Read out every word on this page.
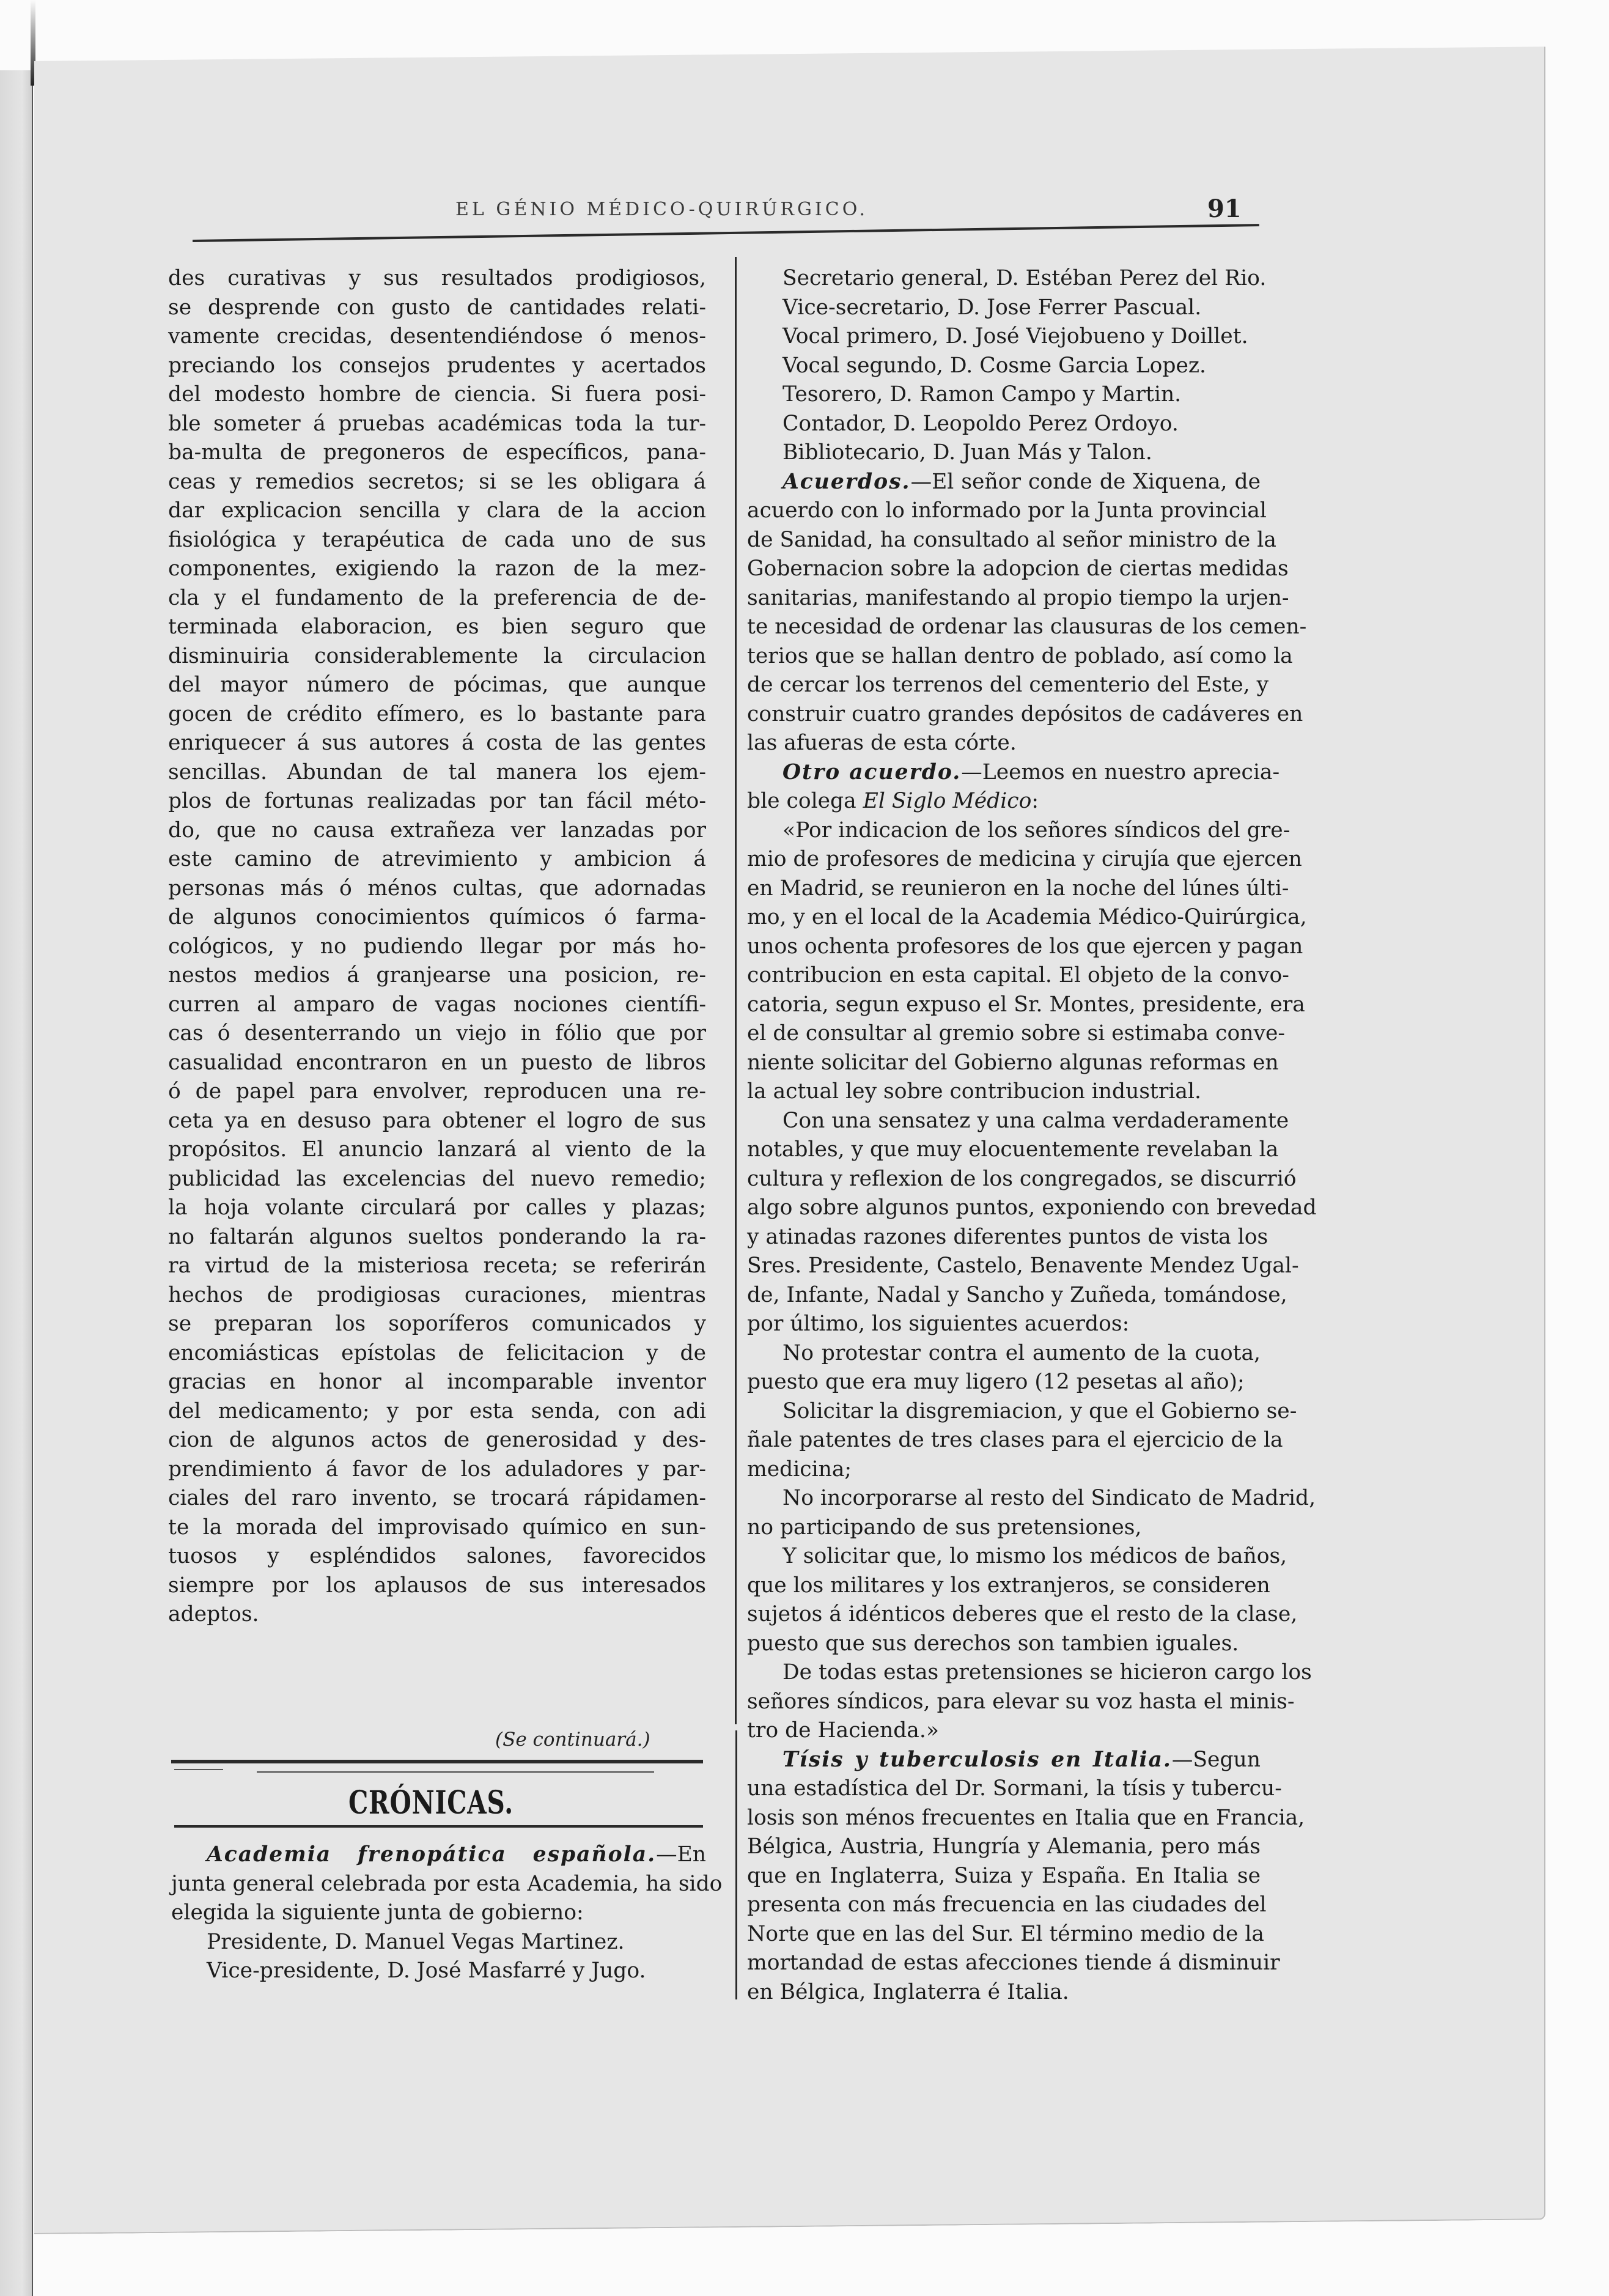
EL GÉNIO MÉDICO-QUIRÚRGICO.	91
des curativas y sus resultados prodigiosos,
se desprende con gusto de cantidades relati-
vamente crecidas, desentendiéndose ó menos-
preciando los consejos prudentes y acertados
del modesto hombre de ciencia. Si fuera posi-
ble someter á pruebas académicas toda la tur-
ba-multa de pregoneros de específicos, pana-
ceas y remedios secretos; si se les obligara á
dar explicacion sencilla y clara de la accion
fisiológica y terapéutica de cada uno de sus
componentes, exigiendo la razon de la mez-
cla y el fundamento de la preferencia de de-
terminada elaboracion, es bien seguro que
disminuiria considerablemente la circulacion
del mayor número de pócimas, que aunque
gocen de crédito efímero, es lo bastante para
enriquecer á sus autores á costa de las gentes
sencillas. Abundan de tal manera los ejem-
plos de fortunas realizadas por tan fácil méto-
do, que no causa extrañeza ver lanzadas por
este camino de atrevimiento y ambicion á
personas más ó ménos cultas, que adornadas
de algunos conocimientos químicos ó farma-
cológicos, y no pudiendo llegar por más ho-
nestos medios á granjearse una posicion, re-
curren al amparo de vagas nociones científi-
cas ó desenterrando un viejo in fólio que por
casualidad encontraron en un puesto de libros
ó de papel para envolver, reproducen una re-
ceta ya en desuso para obtener el logro de sus
propósitos. El anuncio lanzará al viento de la
publicidad las excelencias del nuevo remedio;
la hoja volante circulará por calles y plazas;
no faltarán algunos sueltos ponderando la ra-
ra virtud de la misteriosa receta; se referirán
hechos de prodigiosas curaciones, mientras
se preparan los soporíferos comunicados y
encomiásticas epístolas de felicitacion y de
gracias en honor al incomparable inventor
del medicamento; y por esta senda, con adi
cion de algunos actos de generosidad y des-
prendimiento á favor de los aduladores y par-
ciales del raro invento, se trocará rápidamen-
te la morada del improvisado químico en sun-
tuosos y espléndidos salones, favorecidos
siempre por los aplausos de sus interesados
adeptos.
(Se continuará.)
CRÓNICAS.
Academia frenopática española.—En
junta general celebrada por esta Academia, ha sido
elegida la siguiente junta de gobierno:
Presidente, D. Manuel Vegas Martinez.
Vice-presidente, D. José Masfarré y Jugo.
Secretario general, D. Estéban Perez del Rio.
Vice-secretario, D. Jose Ferrer Pascual.
Vocal primero, D. José Viejobueno y Doillet.
Vocal segundo, D. Cosme Garcia Lopez.
Tesorero, D. Ramon Campo y Martin.
Contador, D. Leopoldo Perez Ordoyo.
Bibliotecario, D. Juan Más y Talon.
Acuerdos.—El señor conde de Xiquena, de
acuerdo con lo informado por la Junta provincial
de Sanidad, ha consultado al señor ministro de la
Gobernacion sobre la adopcion de ciertas medidas
sanitarias, manifestando al propio tiempo la urjen-
te necesidad de ordenar las clausuras de los cemen-
terios que se hallan dentro de poblado, así como la
de cercar los terrenos del cementerio del Este, y
construir cuatro grandes depósitos de cadáveres en
las afueras de esta córte.
Otro acuerdo.—Leemos en nuestro aprecia-
ble colega El Siglo Médico:
«Por indicacion de los señores síndicos del gre-
mio de profesores de medicina y cirujía que ejercen
en Madrid, se reunieron en la noche del lúnes últi-
mo, y en el local de la Academia Médico-Quirúrgica,
unos ochenta profesores de los que ejercen y pagan
contribucion en esta capital. El objeto de la convo-
catoria, segun expuso el Sr. Montes, presidente, era
el de consultar al gremio sobre si estimaba conve-
niente solicitar del Gobierno algunas reformas en
la actual ley sobre contribucion industrial.
Con una sensatez y una calma verdaderamente
notables, y que muy elocuentemente revelaban la
cultura y reflexion de los congregados, se discurrió
algo sobre algunos puntos, exponiendo con brevedad
y atinadas razones diferentes puntos de vista los
Sres. Presidente, Castelo, Benavente Mendez Ugal-
de, Infante, Nadal y Sancho y Zuñeda, tomándose,
por último, los siguientes acuerdos:
No protestar contra el aumento de la cuota,
puesto que era muy ligero (12 pesetas al año);
Solicitar la disgremiacion, y que el Gobierno se-
ñale patentes de tres clases para el ejercicio de la
medicina;
No incorporarse al resto del Sindicato de Madrid,
no participando de sus pretensiones,
Y solicitar que, lo mismo los médicos de baños,
que los militares y los extranjeros, se consideren
sujetos á idénticos deberes que el resto de la clase,
puesto que sus derechos son tambien iguales.
De todas estas pretensiones se hicieron cargo los
señores síndicos, para elevar su voz hasta el minis-
tro de Hacienda.»
Tísis y tuberculosis en Italia.—Segun
una estadística del Dr. Sormani, la tísis y tubercu-
losis son ménos frecuentes en Italia que en Francia,
Bélgica, Austria, Hungría y Alemania, pero más
que en Inglaterra, Suiza y España. En Italia se
presenta con más frecuencia en las ciudades del
Norte que en las del Sur. El término medio de la
mortandad de estas afecciones tiende á disminuir
en Bélgica, Inglaterra é Italia.
